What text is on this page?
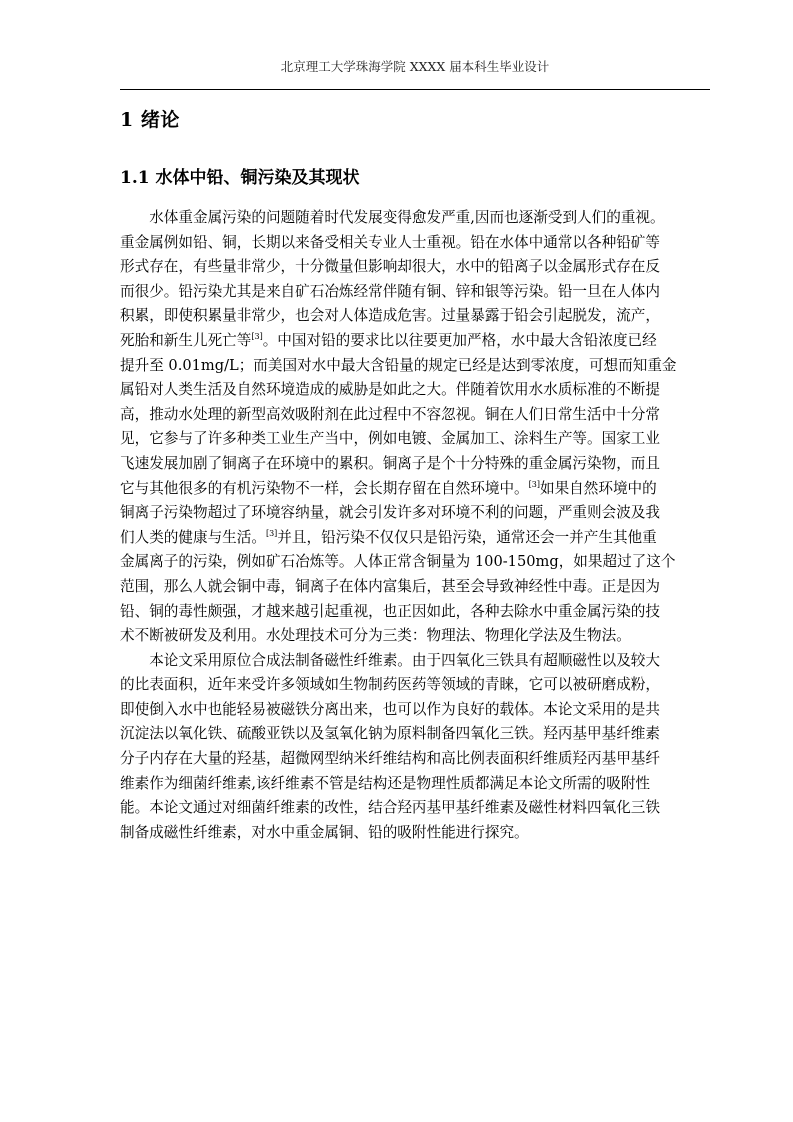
北京理工大学珠海学院 XXXX 届本科生毕业设计
1 绪论
1.1 水体中铅、铜污染及其现状
水体重金属污染的问题随着时代发展变得愈发严重,因而也逐渐受到人们的重视。
重金属例如铅、铜，长期以来备受相关专业人士重视。铅在水体中通常以各种铅矿等
形式存在，有些量非常少，十分微量但影响却很大，水中的铅离子以金属形式存在反
而很少。铅污染尤其是来自矿石冶炼经常伴随有铜、锌和银等污染。铅一旦在人体内
积累，即使积累量非常少，也会对人体造成危害。过量暴露于铅会引起脱发，流产，
死胎和新生儿死亡等[3]。中国对铅的要求比以往要更加严格，水中最大含铅浓度已经
提升至 0.01mg/L；而美国对水中最大含铅量的规定已经是达到零浓度，可想而知重金
属铅对人类生活及自然环境造成的威胁是如此之大。伴随着饮用水水质标准的不断提
高，推动水处理的新型高效吸附剂在此过程中不容忽视。铜在人们日常生活中十分常
见，它参与了许多种类工业生产当中，例如电镀、金属加工、涂料生产等。国家工业
飞速发展加剧了铜离子在环境中的累积。铜离子是个十分特殊的重金属污染物，而且
它与其他很多的有机污染物不一样，会长期存留在自然环境中。[3]如果自然环境中的
铜离子污染物超过了环境容纳量，就会引发许多对环境不利的问题，严重则会波及我
们人类的健康与生活。[3]并且，铅污染不仅仅只是铅污染，通常还会一并产生其他重
金属离子的污染，例如矿石冶炼等。人体正常含铜量为 100-150mg，如果超过了这个
范围，那么人就会铜中毒，铜离子在体内富集后，甚至会导致神经性中毒。正是因为
铅、铜的毒性颇强，才越来越引起重视，也正因如此，各种去除水中重金属污染的技
术不断被研发及利用。水处理技术可分为三类：物理法、物理化学法及生物法。
本论文采用原位合成法制备磁性纤维素。由于四氧化三铁具有超顺磁性以及较大
的比表面积，近年来受许多领域如生物制药医药等领域的青睐，它可以被研磨成粉，
即使倒入水中也能轻易被磁铁分离出来，也可以作为良好的载体。本论文采用的是共
沉淀法以氧化铁、硫酸亚铁以及氢氧化钠为原料制备四氧化三铁。羟丙基甲基纤维素
分子内存在大量的羟基，超微网型纳米纤维结构和高比例表面积纤维质羟丙基甲基纤
维素作为细菌纤维素,该纤维素不管是结构还是物理性质都满足本论文所需的吸附性
能。本论文通过对细菌纤维素的改性，结合羟丙基甲基纤维素及磁性材料四氧化三铁
制备成磁性纤维素，对水中重金属铜、铅的吸附性能进行探究。
